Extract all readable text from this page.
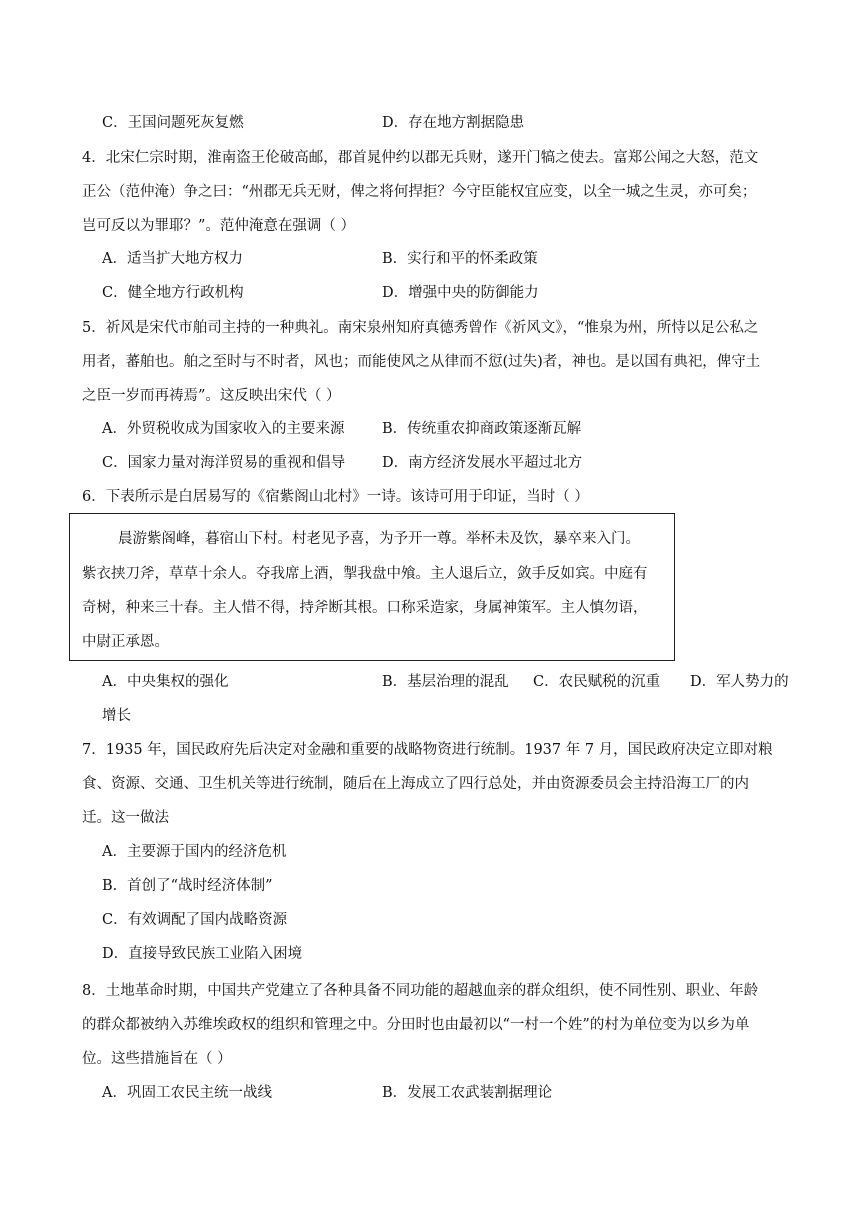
C．王国问题死灰复燃	D．存在地方割据隐患
4．北宋仁宗时期，淮南盗王伦破高邮，郡首晁仲约以郡无兵财，遂开门犒之使去。富郑公闻之大怒，范文
正公（范仲淹）争之曰：“州郡无兵无财，俾之将何捍拒？今守臣能权宜应变，以全一城之生灵，亦可矣；
岂可反以为罪耶？”。范仲淹意在强调（ ）
A．适当扩大地方权力	B．实行和平的怀柔政策
C．健全地方行政机构	D．增强中央的防御能力
5．祈风是宋代市舶司主持的一种典礼。南宋泉州知府真德秀曾作《祈风文》，“惟泉为州，所恃以足公私之
用者，蕃舶也。舶之至时与不时者，风也；而能使风之从律而不愆(过失)者，神也。是以国有典祀，俾守土
之臣一岁而再祷焉”。这反映出宋代（ ）
A．外贸税收成为国家收入的主要来源	B．传统重农抑商政策逐渐瓦解
C．国家力量对海洋贸易的重视和倡导	D．南方经济发展水平超过北方
6．下表所示是白居易写的《宿紫阁山北村》一诗。该诗可用于印证，当时（ ）
晨游紫阁峰，暮宿山下村。村老见予喜，为予开一尊。举杯未及饮，暴卒来入门。
紫衣挟刀斧，草草十余人。夺我席上酒，掣我盘中飧。主人退后立，敛手反如宾。中庭有
奇树，种来三十春。主人惜不得，持斧断其根。口称采造家，身属神策军。主人慎勿语，
中尉正承恩。
A．中央集权的强化	B．基层治理的混乱 C．农民赋税的沉重 D．军人势力的
增长
7．1935 年，国民政府先后决定对金融和重要的战略物资进行统制。1937 年 7 月，国民政府决定立即对粮
食、资源、交通、卫生机关等进行统制，随后在上海成立了四行总处，并由资源委员会主持沿海工厂的内
迁。这一做法
A．主要源于国内的经济危机
B．首创了“战时经济体制”
C．有效调配了国内战略资源
D．直接导致民族工业陷入困境
8．土地革命时期，中国共产党建立了各种具备不同功能的超越血亲的群众组织，使不同性别、职业、年龄
的群众都被纳入苏维埃政权的组织和管理之中。分田时也由最初以“一村一个姓”的村为单位变为以乡为单
位。这些措施旨在（ ）
A．巩固工农民主统一战线	B．发展工农武装割据理论
